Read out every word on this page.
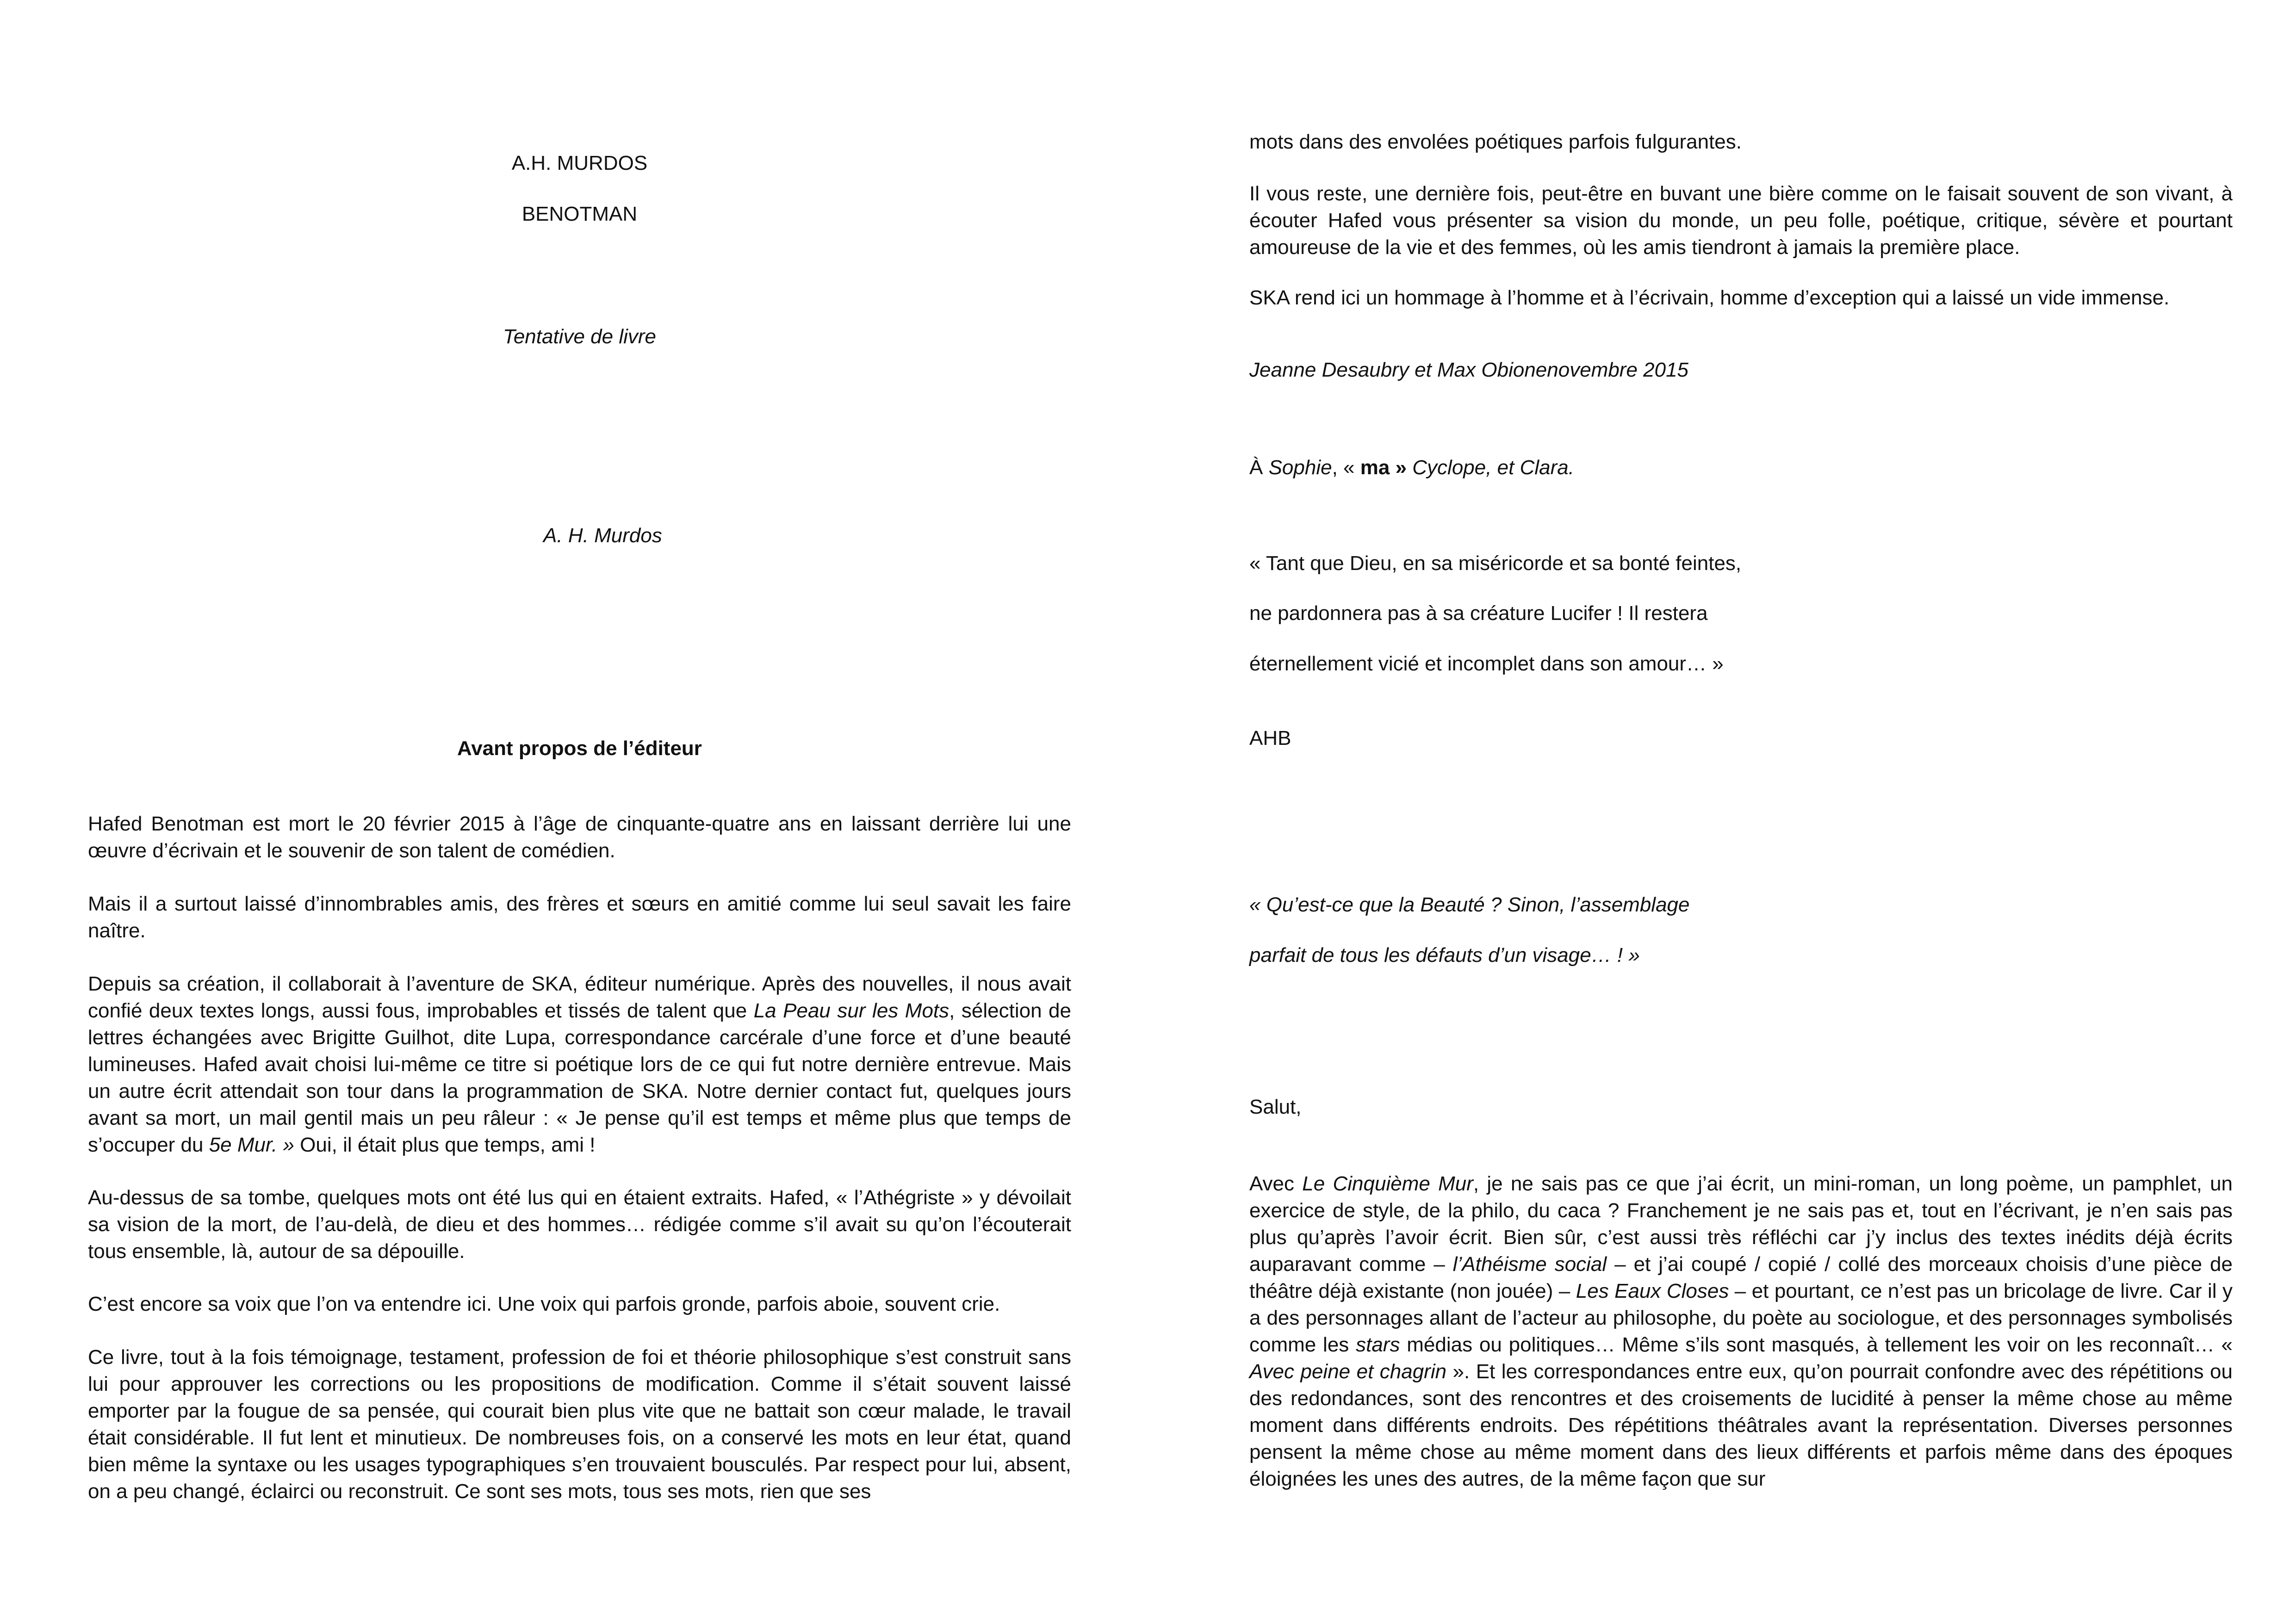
A.H. MURDOS
BENOTMAN
Tentative de livre
A. H. Murdos
Avant propos de l’éditeur

Hafed Benotman est mort le 20 février 2015 à l’âge de cinquante-quatre ans en laissant derrière lui une œuvre d’écrivain et le souvenir de son talent de comédien.

Mais il a surtout laissé d’innombrables amis, des frères et sœurs en amitié comme lui seul savait les faire naître.

Depuis sa création, il collaborait à l’aventure de SKA, éditeur numérique. Après des nouvelles, il nous avait confié deux textes longs, aussi fous, improbables et tissés de talent que La Peau sur les Mots, sélection de lettres échangées avec Brigitte Guilhot, dite Lupa, correspondance carcérale d’une force et d’une beauté lumineuses. Hafed avait choisi lui-même ce titre si poétique lors de ce qui fut notre dernière entrevue. Mais un autre écrit attendait son tour dans la programmation de SKA. Notre dernier contact fut, quelques jours avant sa mort, un mail gentil mais un peu râleur : « Je pense qu’il est temps et même plus que temps de s’occuper du 5e Mur. » Oui, il était plus que temps, ami !

Au-dessus de sa tombe, quelques mots ont été lus qui en étaient extraits. Hafed, « l’Athégriste » y dévoilait sa vision de la mort, de l’au-delà, de dieu et des hommes… rédigée comme s’il avait su qu’on l’écouterait tous ensemble, là, autour de sa dépouille.

C’est encore sa voix que l’on va entendre ici. Une voix qui parfois gronde, parfois aboie, souvent crie.

Ce livre, tout à la fois témoignage, testament, profession de foi et théorie philosophique s’est construit sans lui pour approuver les corrections ou les propositions de modification. Comme il s’était souvent laissé emporter par la fougue de sa pensée, qui courait bien plus vite que ne battait son cœur malade, le travail était considérable. Il fut lent et minutieux. De nombreuses fois, on a conservé les mots en leur état, quand bien même la syntaxe ou les usages typographiques s’en trouvaient bousculés. Par respect pour lui, absent, on a peu changé, éclairci ou reconstruit. Ce sont ses mots, tous ses mots, rien que ses

mots dans des envolées poétiques parfois fulgurantes.

Il vous reste, une dernière fois, peut-être en buvant une bière comme on le faisait souvent de son vivant, à écouter Hafed vous présenter sa vision du monde, un peu folle, poétique, critique, sévère et pourtant amoureuse de la vie et des femmes, où les amis tiendront à jamais la première place.

SKA rend ici un hommage à l’homme et à l’écrivain, homme d’exception qui a laissé un vide immense.

Jeanne Desaubry et Max Obionenovembre 2015
À Sophie, « ma » Cyclope, et Clara.
« Tant que Dieu, en sa miséricorde et sa bonté feintes,
ne pardonnera pas à sa créature Lucifer ! Il restera
éternellement vicié et incomplet dans son amour… »
AHB
« Qu’est-ce que la Beauté ? Sinon, l’assemblage
parfait de tous les défauts d’un visage… ! »
Salut,

Avec Le Cinquième Mur, je ne sais pas ce que j’ai écrit, un mini-roman, un long poème, un pamphlet, un exercice de style, de la philo, du caca ? Franchement je ne sais pas et, tout en l’écrivant, je n’en sais pas plus qu’après l’avoir écrit. Bien sûr, c’est aussi très réfléchi car j’y inclus des textes inédits déjà écrits auparavant comme – l’Athéisme social – et j’ai coupé / copié / collé des morceaux choisis d’une pièce de théâtre déjà existante (non jouée) – Les Eaux Closes – et pourtant, ce n’est pas un bricolage de livre. Car il y a des personnages allant de l’acteur au philosophe, du poète au sociologue, et des personnages symbolisés comme les stars médias ou politiques… Même s’ils sont masqués, à tellement les voir on les reconnaît… « Avec peine et chagrin ». Et les correspondances entre eux, qu’on pourrait confondre avec des répétitions ou des redondances, sont des rencontres et des croisements de lucidité à penser la même chose au même moment dans différents endroits. Des répétitions théâtrales avant la représentation. Diverses personnes pensent la même chose au même moment dans des lieux différents et parfois même dans des époques éloignées les unes des autres, de la même façon que sur
